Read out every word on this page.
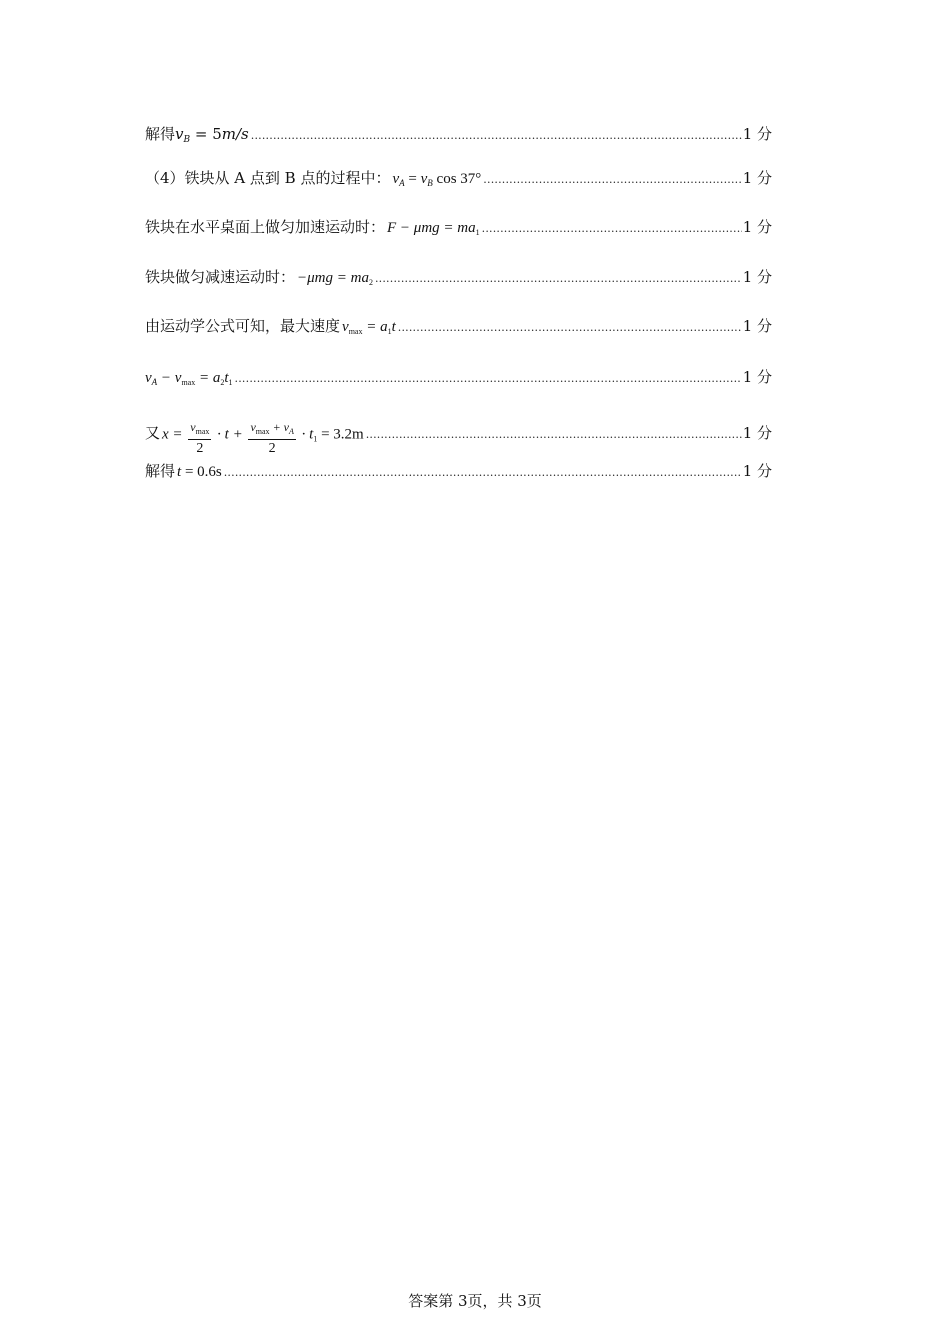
解得 $v_B = 5m/s$ .....	1 分
（4）铁块从 A 点到 B 点的过程中： $v_A = v_B$ cos 37° .....	1 分
铁块在水平桌面上做匀加速运动时： $F - \mu mg = ma_1$ .....	1 分
铁块做匀减速运动时： $-\mu mg = ma_2$ .....	1 分
由运动学公式可知，最大速度 $v_{max} = a_1t$ .....	1 分
$v_A - v_{max} = a_2t_1$ .....	1 分
又 $x = \frac{v_{max}}{2} \cdot t + \frac{v_{max} + v_A}{2} \cdot t_1 = 3.2m$ .....	1 分
解得 t = 0.6s .....	1 分
答案第 3页，共 3页
